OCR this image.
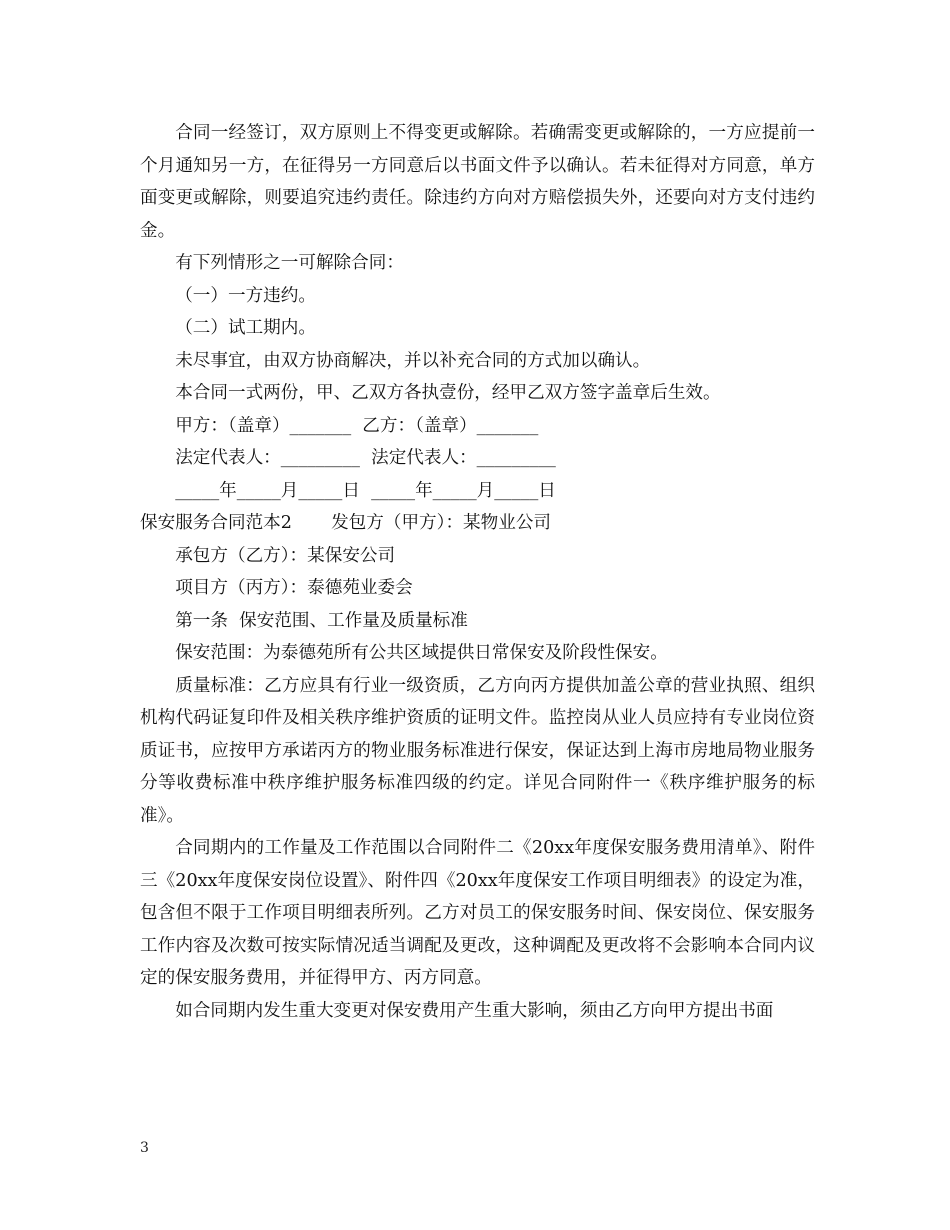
合同一经签订，双方原则上不得变更或解除。若确需变更或解除的，一方应提前一个月通知另一方，在征得另一方同意后以书面文件予以确认。若未征得对方同意，单方面变更或解除，则要追究违约责任。除违约方向对方赔偿损失外，还要向对方支付违约金。

有下列情形之一可解除合同：

（一）一方违约。

（二）试工期内。

未尽事宜，由双方协商解决，并以补充合同的方式加以确认。

本合同一式两份，甲、乙双方各执壹份，经甲乙双方签字盖章后生效。

甲方：（盖章）_______  乙方：（盖章）_______

法定代表人：_________  法定代表人：_________

_____年_____月_____日  _____年_____月_____日

保安服务合同范本2       发包方（甲方）：某物业公司

承包方（乙方）：某保安公司

项目方（丙方）：泰德苑业委会

第一条  保安范围、工作量及质量标准

保安范围：为泰德苑所有公共区域提供日常保安及阶段性保安。

质量标准：乙方应具有行业一级资质，乙方向丙方提供加盖公章的营业执照、组织机构代码证复印件及相关秩序维护资质的证明文件。监控岗从业人员应持有专业岗位资质证书，应按甲方承诺丙方的物业服务标准进行保安，保证达到上海市房地局物业服务分等收费标准中秩序维护服务标准四级的约定。详见合同附件一《秩序维护服务的标准》。

合同期内的工作量及工作范围以合同附件二《20xx年度保安服务费用清单》、附件三《20xx年度保安岗位设置》、附件四《20xx年度保安工作项目明细表》的设定为准，包含但不限于工作项目明细表所列。乙方对员工的保安服务时间、保安岗位、保安服务工作内容及次数可按实际情况适当调配及更改，这种调配及更改将不会影响本合同内议定的保安服务费用，并征得甲方、丙方同意。

如合同期内发生重大变更对保安费用产生重大影响，须由乙方向甲方提出书面

3
